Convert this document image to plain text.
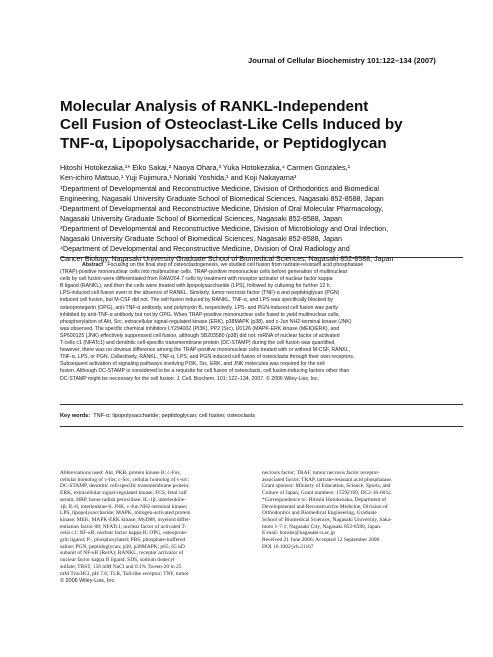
Journal of Cellular Biochemistry 101:122–134 (2007)
Molecular Analysis of RANKL-Independent
Cell Fusion of Osteoclast-Like Cells Induced by
TNF-α, Lipopolysaccharide, or Peptidoglycan
Hitoshi Hotokezaka,¹* Eiko Sakai,² Naoya Ohara,³ Yuka Hotokezaka,⁴ Carmen Gonzales,¹
Ken-ichiro Matsuo,¹ Yuji Fujimura,¹ Noriaki Yoshida,¹ and Koji Nakayama³
¹Department of Developmental and Reconstructive Medicine, Division of Orthodontics and Biomedical
Engineering, Nagasaki University Graduate School of Biomedical Sciences, Nagasaki 852-8588, Japan
²Department of Developmental and Reconstructive Medicine, Division of Oral Molecular Pharmacology,
Nagasaki University Graduate School of Biomedical Sciences, Nagasaki 852-8588, Japan
³Department of Developmental and Reconstructive Medicine, Division of Microbiology and Oral Infection,
Nagasaki University Graduate School of Biomedical Sciences, Nagasaki 852-8588, Japan
⁴Department of Developmental and Reconstructive Medicine, Division of Oral Radiology and
Cancer Biology, Nagasaki University Graduate School of Biomedical Sciences, Nagasaki 852-8588, Japan
Abstract Focusing on the final step of osteoclastogenesis, we studied cell fusion from tartrate-resistant acid phosphatase
(TRAP)-positive mononuclear cells into multinuclear cells. TRAP-positive mononuclear cells before generation of multinuclear
cells by cell fusion were differentiated from RAW264.7 cells by treatment with receptor activator of nuclear factor kappa
B ligand (RANKL), and then the cells were treated with lipopolysaccharide (LPS), followed by culturing for further 12 h.
LPS-induced cell fusion even in the absence of RANKL. Similarly, tumor necrosis factor (TNF)-α and peptidoglycan (PGN)
induced cell fusion, but M-CSF did not. The cell fusion induced by RANKL, TNF-α, and LPS was specifically blocked by
osteoprotegerin (OPG), anti-TNF-α antibody, and polymyxin B, respectively. LPS- and PGN-induced cell fusion was partly
inhibited by anti-TNF-α antibody but not by OPG. When TRAP-positive mononuclear cells fused to yield multinuclear cells,
phosphorylation of Akt, Src, extracellular signal-regulated kinase (ERK), p38MAPK (p38), and c-Jun NH2-terminal kinase (JNK)
was observed. The specific chemical inhibitors LY294002 (PI3K), PP2 (Src), U0126 (MAPK-ERK kinase (MEK)/ERK), and
SP600125 (JNK) effectively suppressed cell fusion, although SB203580 (p38) did not. mRNA of nuclear factor of activated
T-cells c1 (NFATc1) and dendritic cell-specific transmembrane protein (DC-STAMP) during the cell fusion was quantified,
however, there was no obvious difference among the TRAP-positive mononuclear cells treated with or without M-CSF, RANKL,
TNF-α, LPS, or PGN. Collectively, RANKL, TNF-α, LPS, and PGN induced cell fusion of osteoclasts through their own receptors.
Subsequent activation of signaling pathways involving PI3K, Src, ERK, and JNK molecules was required for the cell
fusion. Although DC-STAMP is considered to be a requisite for cell fusion of osteoclasts, cell fusion-inducing factors other than
DC-STAMP might be necessary for the cell fusion. J. Cell. Biochem. 101: 122–134, 2007. © 2006 Wiley-Liss, Inc.
Key words: TNF-α; lipopolysaccharide; peptidoglycan; cell fusion; osteoclasts
Abbreviations used: Akt, PKB, protein kinase B; c-Fos,
cellular homolog of v-fos; c-Src, cellular homolog of v-src;
DC-STAMP, dendritic cell-specific transmembrane protein;
ERK, extracellular signal-regulated kinase; FCS, fetal calf
serum; HRP, horse radish peroxidase; IL-1β, interleukine-
1β; IL-6, interleukine-6; JNK, c-Jun NH2-terminal kinase;
LPS, lipopolysaccharide; MAPK, mitogen-activated protein
kinase; MEK, MAPK-ERK kinase; MyD88, myeloid differ-
entiation factor 88; NFATc1, nuclear factor of activated T-
cells c1; NF-κB, nuclear factor kappa B; OPG, osteoprote-
grin ligand; P-, phosphorylated; PBS, phosphate-buffered
saline; PGN, peptidoglycan; p38, p38MAPK; p65, 65 kD
subunit of NF-κB (RelA); RANKL, receptor activator of
nuclear factor kappa B ligand; SDS, sodium dodecyl
sulfate; TBST, 150 mM NaCl and 0.1% Tween-20 in 25
mM Tris/HCl, pH 7.6; TLR, Toll-like receptor; TNF, tumor
© 2006 Wiley-Liss, Inc.
necrosis factor; TRAF, tumor necrosis factor receptor-
associated factor; TRAP, tartrate-resistant acid phosphatase.
Grant sponsor: Ministry of Education, Science, Sports, and
Culture of Japan; Grant numbers: 15592169, DC2-16-6032.
*Correspondence to: Hitoshi Hotokezaka, Department of
Developmental and Reconstructive Medicine, Division of
Orthodontics and Biomedical Engineering, Graduate
School of Biomedical Sciences, Nagasaki University, Saka-
moto 1-7-1, Nagasaki City, Nagasaki 852-8588, Japan.
E-mail: hotoke@nagasaki-u.ac.jp
Received 21 June 2006; Accepted 12 September 2006
DOI 10.1002/jcb.21167
